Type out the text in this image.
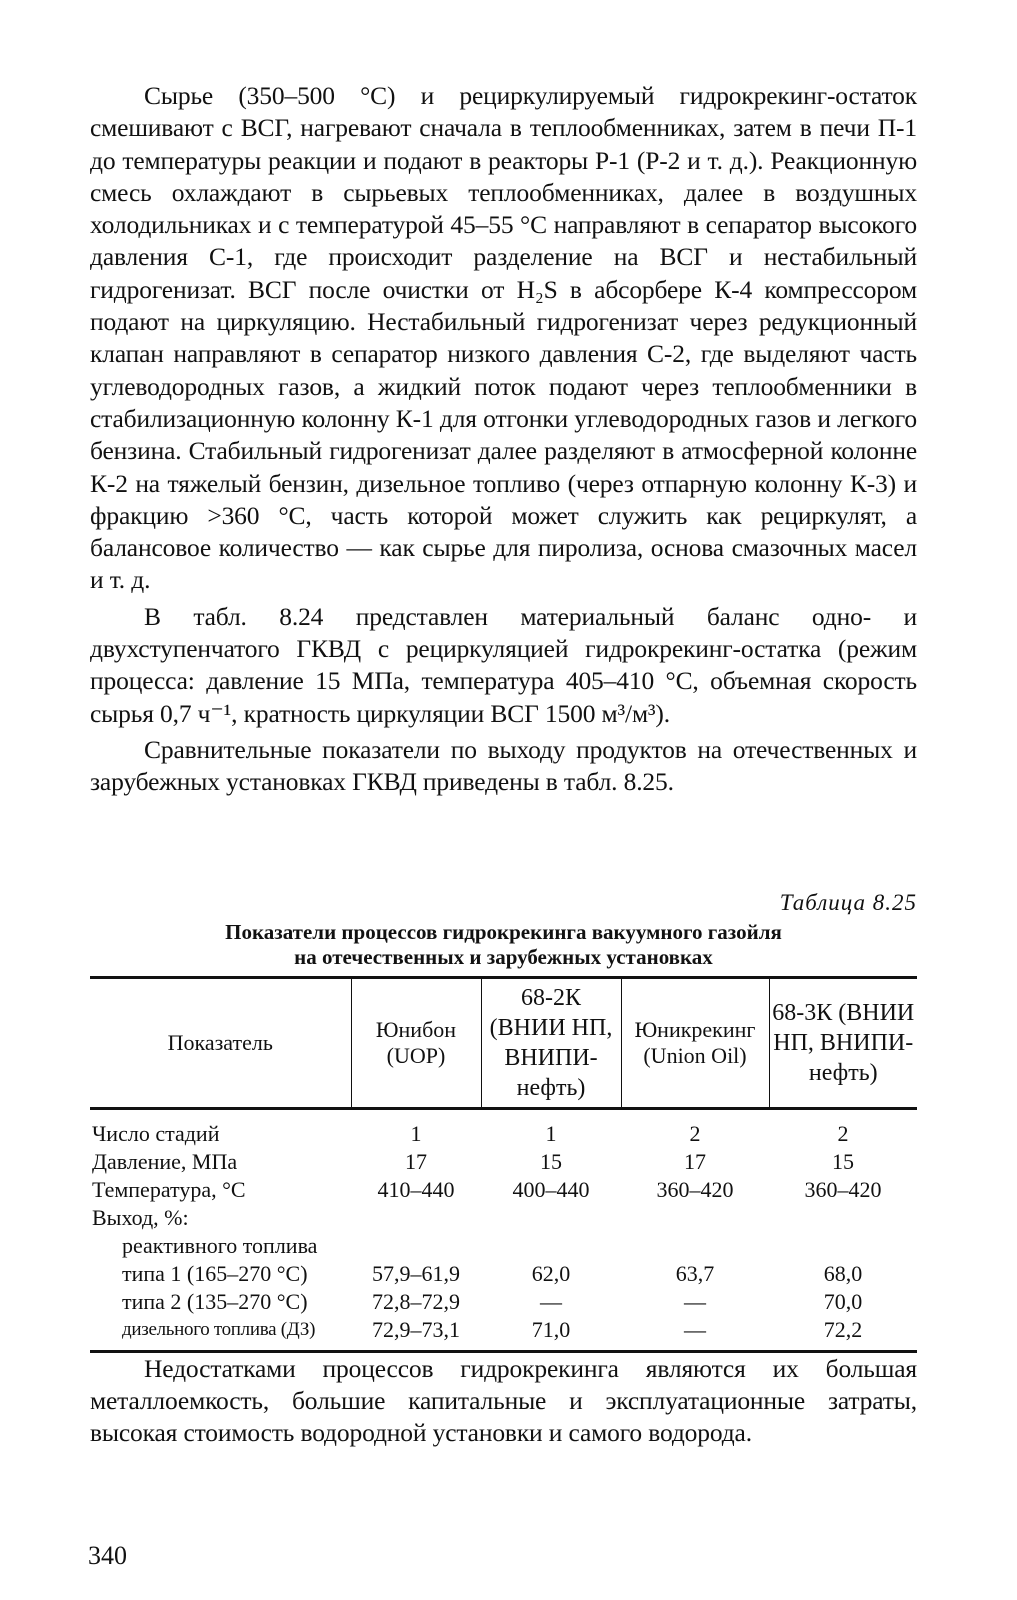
Сырье (350–500 °С) и рециркулируемый гидрокрекинг-остаток смешивают с ВСГ, нагревают сначала в теплообменниках, затем в печи П-1 до температуры реакции и подают в реакторы Р-1 (Р-2 и т. д.). Реакционную смесь охлаждают в сырьевых теплообменниках, далее в воздушных холодильниках и с температурой 45–55 °С направляют в сепаратор высокого давления С-1, где происходит разделение на ВСГ и нестабильный гидрогенизат. ВСГ после очистки от H₂S в абсорбере К-4 компрессором подают на циркуляцию. Нестабильный гидрогенизат через редукционный клапан направляют в сепаратор низкого давления С-2, где выделяют часть углеводородных газов, а жидкий поток подают через теплообменники в стабилизационную колонну К-1 для отгонки углеводородных газов и легкого бензина. Стабильный гидрогенизат далее разделяют в атмосферной колонне К-2 на тяжелый бензин, дизельное топливо (через отпарную колонну К-3) и фракцию >360 °С, часть которой может служить как рециркулят, а балансовое количество — как сырье для пиролиза, основа смазочных масел и т. д.

В табл. 8.24 представлен материальный баланс одно- и двухступенчатого ГКВД с рециркуляцией гидрокрекинг-остатка (режим процесса: давление 15 МПа, температура 405–410 °С, объемная скорость сырья 0,7 ч⁻¹, кратность циркуляции ВСГ 1500 м³/м³).

Сравнительные показатели по выходу продуктов на отечественных и зарубежных установках ГКВД приведены в табл. 8.25.

Таблица 8.25
Показатели процессов гидрокрекинга вакуумного газойля
на отечественных и зарубежных установках
Показатель	Юнибон (UOP)	68-2К (ВНИИ НП, ВНИПИ- нефть)	Юникрекинг (Union Oil)	68-3К (ВНИИ НП, ВНИПИ- нефть)
Число стадий	1	1	2	2
Давление, МПа	17	15	17	15
Температура, °С	410–440	400–440	360–420	360–420
Выход, %:				
реактивного топлива				
типа 1 (165–270 °С)	57,9–61,9	62,0	63,7	68,0
типа 2 (135–270 °С)	72,8–72,9	—	—	70,0
дизельного топлива (ДЗ)	72,9–73,1	71,0	—	72,2

Недостатками процессов гидрокрекинга являются их большая металлоемкость, большие капитальные и эксплуатационные затраты, высокая стоимость водородной установки и самого водорода.

340
